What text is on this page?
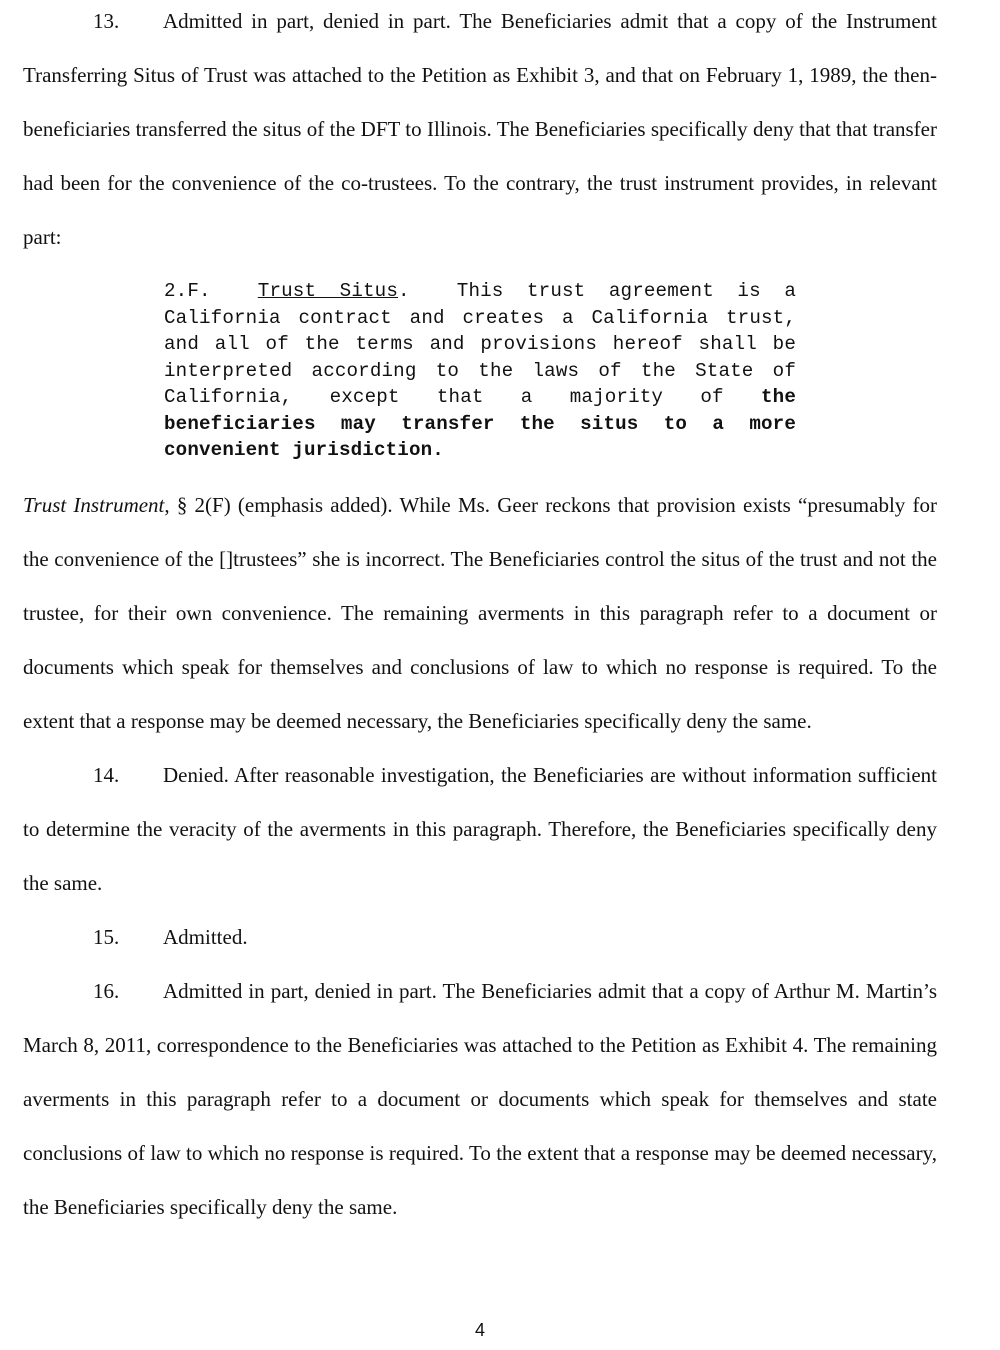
13. Admitted in part, denied in part. The Beneficiaries admit that a copy of the Instrument Transferring Situs of Trust was attached to the Petition as Exhibit 3, and that on February 1, 1989, the then-beneficiaries transferred the situs of the DFT to Illinois. The Beneficiaries specifically deny that that transfer had been for the convenience of the co-trustees. To the contrary, the trust instrument provides, in relevant part:

2.F. Trust Situs. This trust agreement is a California contract and creates a California trust, and all of the terms and provisions hereof shall be interpreted according to the laws of the State of California, except that a majority of the beneficiaries may transfer the situs to a more convenient jurisdiction.

Trust Instrument, § 2(F) (emphasis added). While Ms. Geer reckons that provision exists “presumably for the convenience of the []trustees” she is incorrect. The Beneficiaries control the situs of the trust and not the trustee, for their own convenience. The remaining averments in this paragraph refer to a document or documents which speak for themselves and conclusions of law to which no response is required. To the extent that a response may be deemed necessary, the Beneficiaries specifically deny the same.

14. Denied. After reasonable investigation, the Beneficiaries are without information sufficient to determine the veracity of the averments in this paragraph. Therefore, the Beneficiaries specifically deny the same.

15. Admitted.

16. Admitted in part, denied in part. The Beneficiaries admit that a copy of Arthur M. Martin’s March 8, 2011, correspondence to the Beneficiaries was attached to the Petition as Exhibit 4. The remaining averments in this paragraph refer to a document or documents which speak for themselves and state conclusions of law to which no response is required. To the extent that a response may be deemed necessary, the Beneficiaries specifically deny the same.

4
